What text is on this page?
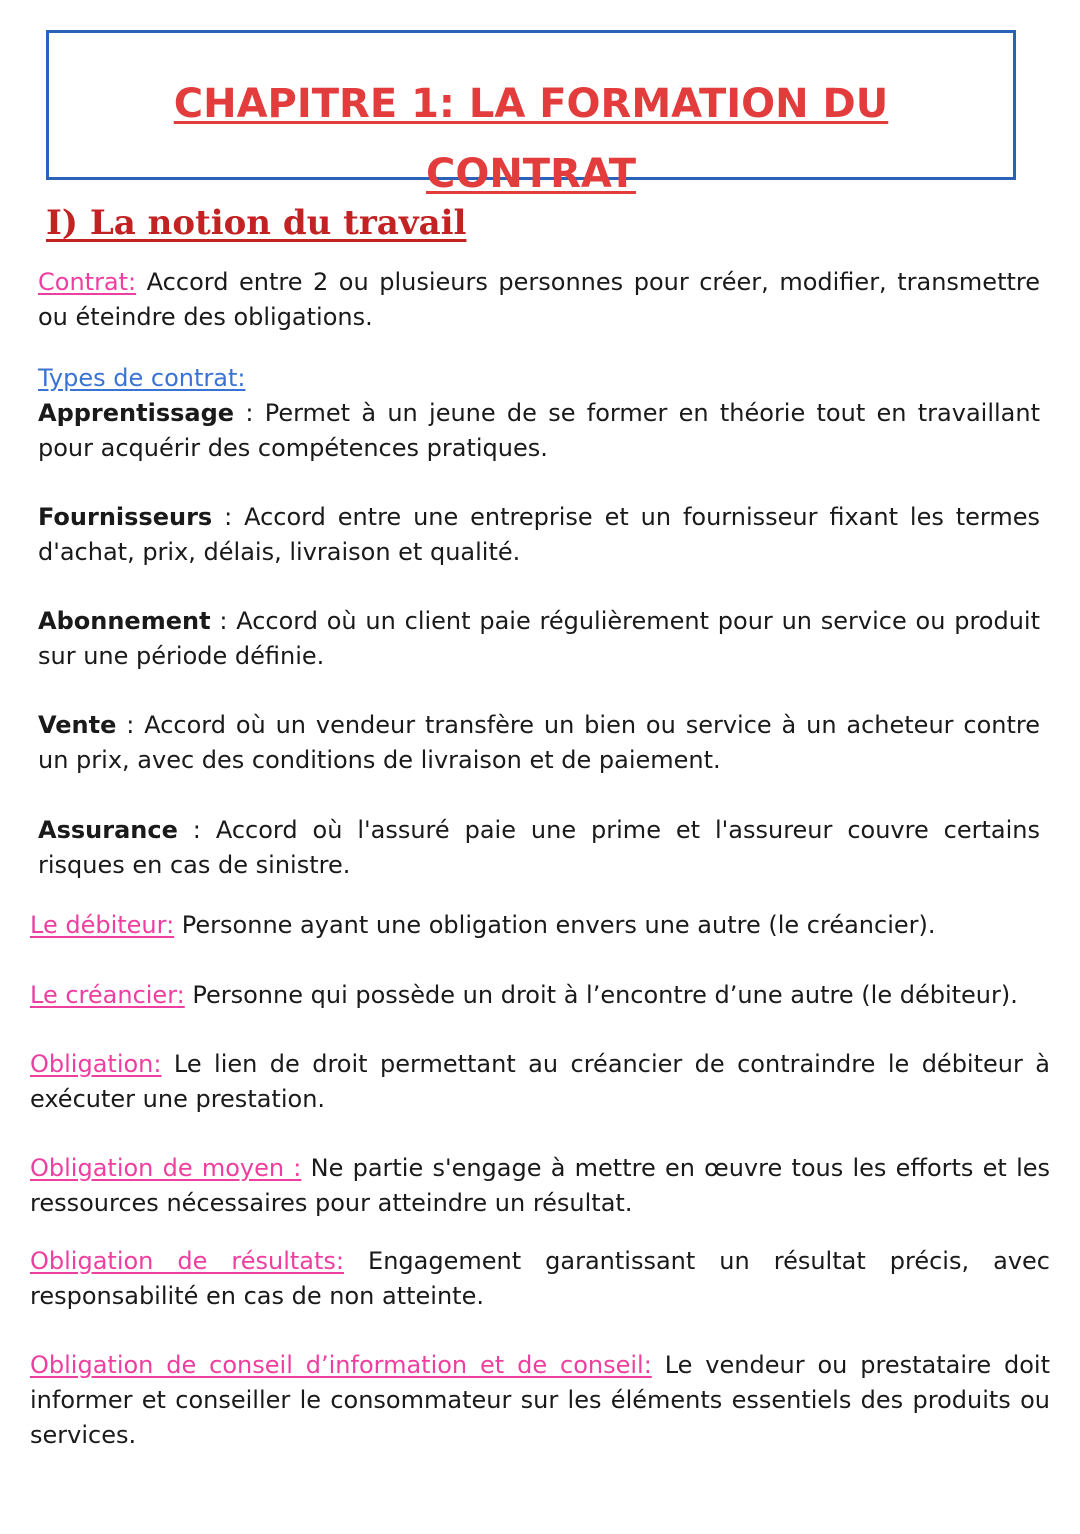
CHAPITRE 1: LA FORMATION DU
CONTRAT
I) La notion du travail

Contrat: Accord entre 2 ou plusieurs personnes pour créer, modifier, transmettre ou éteindre des obligations.

Types de contrat:

Apprentissage : Permet à un jeune de se former en théorie tout en travaillant pour acquérir des compétences pratiques.

Fournisseurs : Accord entre une entreprise et un fournisseur fixant les termes d'achat, prix, délais, livraison et qualité.

Abonnement : Accord où un client paie régulièrement pour un service ou produit sur une période définie.

Vente : Accord où un vendeur transfère un bien ou service à un acheteur contre un prix, avec des conditions de livraison et de paiement.

Assurance : Accord où l'assuré paie une prime et l'assureur couvre certains risques en cas de sinistre.

Le débiteur: Personne ayant une obligation envers une autre (le créancier).

Le créancier: Personne qui possède un droit à l’encontre d’une autre (le débiteur).

Obligation: Le lien de droit permettant au créancier de contraindre le débiteur à exécuter une prestation.

Obligation de moyen : Ne partie s'engage à mettre en œuvre tous les efforts et les ressources nécessaires pour atteindre un résultat.

Obligation de résultats: Engagement garantissant un résultat précis, avec responsabilité en cas de non atteinte.

Obligation de conseil d’information et de conseil: Le vendeur ou prestataire doit informer et conseiller le consommateur sur les éléments essentiels des produits ou services.
